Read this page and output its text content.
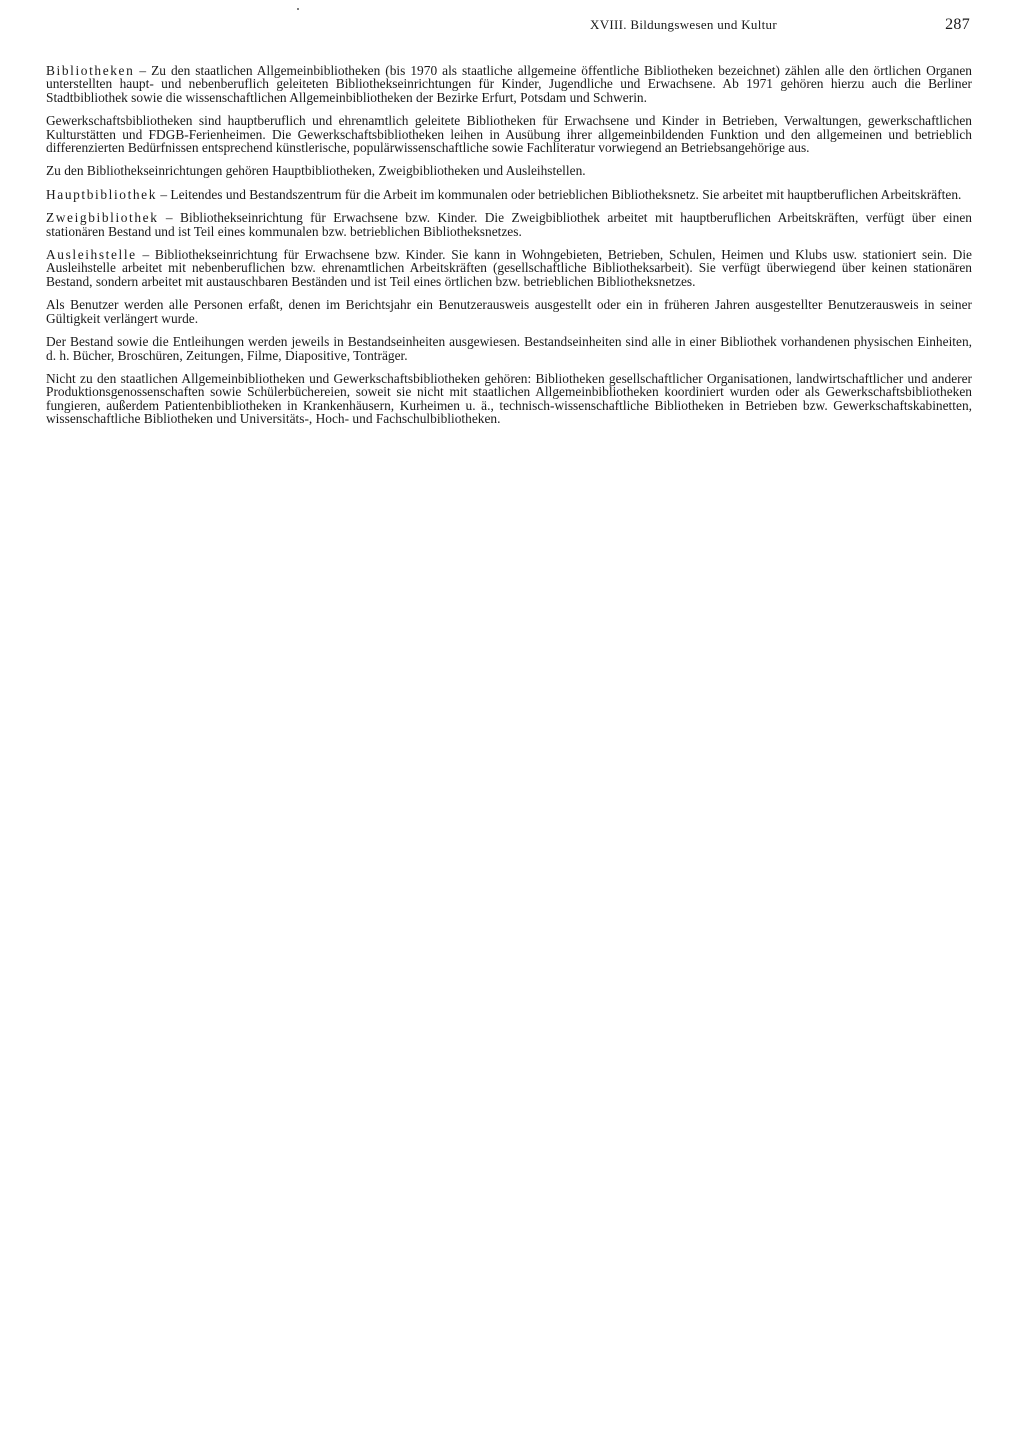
XVIII. Bildungswesen und Kultur	287

Bibliotheken – Zu den staatlichen Allgemeinbibliotheken (bis 1970 als staatliche allgemeine öffentliche Bibliotheken bezeichnet) zählen alle den örtlichen Organen unterstellten haupt- und nebenberuflich geleiteten Bibliothekseinrichtungen für Kinder, Jugendliche und Erwachsene. Ab 1971 gehören hierzu auch die Berliner Stadtbibliothek sowie die wissenschaftlichen Allgemeinbibliotheken der Bezirke Erfurt, Potsdam und Schwerin.

Gewerkschaftsbibliotheken sind hauptberuflich und ehrenamtlich geleitete Bibliotheken für Erwachsene und Kinder in Betrieben, Verwaltungen, gewerkschaftlichen Kulturstätten und FDGB-Ferienheimen. Die Gewerkschaftsbibliotheken leihen in Ausübung ihrer allgemeinbildenden Funktion und den allgemeinen und betrieblich differenzierten Bedürfnissen entsprechend künstlerische, populärwissenschaftliche sowie Fachliteratur vorwiegend an Betriebsangehörige aus.

Zu den Bibliothekseinrichtungen gehören Hauptbibliotheken, Zweigbibliotheken und Ausleihstellen.

Hauptbibliothek – Leitendes und Bestandszentrum für die Arbeit im kommunalen oder betrieblichen Bibliotheksnetz. Sie arbeitet mit hauptberuflichen Arbeitskräften.

Zweigbibliothek – Bibliothekseinrichtung für Erwachsene bzw. Kinder. Die Zweigbibliothek arbeitet mit hauptberuflichen Arbeitskräften, verfügt über einen stationären Bestand und ist Teil eines kommunalen bzw. betrieblichen Bibliotheksnetzes.

Ausleihstelle – Bibliothekseinrichtung für Erwachsene bzw. Kinder. Sie kann in Wohngebieten, Betrieben, Schulen, Heimen und Klubs usw. stationiert sein. Die Ausleihstelle arbeitet mit nebenberuflichen bzw. ehrenamtlichen Arbeitskräften (gesellschaftliche Bibliotheksarbeit). Sie verfügt überwiegend über keinen stationären Bestand, sondern arbeitet mit austauschbaren Beständen und ist Teil eines örtlichen bzw. betrieblichen Bibliotheksnetzes.

Als Benutzer werden alle Personen erfaßt, denen im Berichtsjahr ein Benutzerausweis ausgestellt oder ein in früheren Jahren ausgestellter Benutzerausweis in seiner Gültigkeit verlängert wurde.

Der Bestand sowie die Entleihungen werden jeweils in Bestandseinheiten ausgewiesen. Bestandseinheiten sind alle in einer Bibliothek vorhandenen physischen Einheiten, d. h. Bücher, Broschüren, Zeitungen, Filme, Diapositive, Tonträger.

Nicht zu den staatlichen Allgemeinbibliotheken und Gewerkschaftsbibliotheken gehören: Bibliotheken gesellschaftlicher Organisationen, landwirtschaftlicher und anderer Produktionsgenossenschaften sowie Schülerbüchereien, soweit sie nicht mit staatlichen Allgemeinbibliotheken koordiniert wurden oder als Gewerkschaftsbibliotheken fungieren, außerdem Patientenbibliotheken in Krankenhäusern, Kurheimen u. ä., technisch-wissenschaftliche Bibliotheken in Betrieben bzw. Gewerkschaftskabinetten, wissenschaftliche Bibliotheken und Universitäts-, Hoch- und Fachschulbibliotheken.
